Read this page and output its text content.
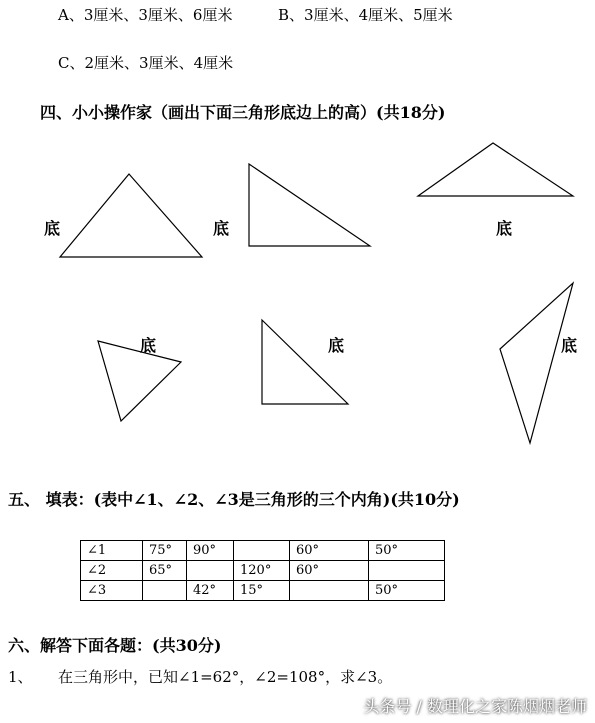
A、3厘米、3厘米、6厘米	B、3厘米、4厘米、5厘米
C、2厘米、3厘米、4厘米
四、小小操作家（画出下面三角形底边上的高）(共18分)
底	底	底
底	底	底
五、 填表：(表中∠1、∠2、∠3是三角形的三个内角)(共10分)
∠1	75°	90°		60°	50°
∠2	65°		120°	60°	
∠3		42°	15°		50°
六、解答下面各题：(共30分)
1、 在三角形中，已知∠1=62°，∠2=108°，求∠3。
头条号 / 数理化之家陈烟烟老师
